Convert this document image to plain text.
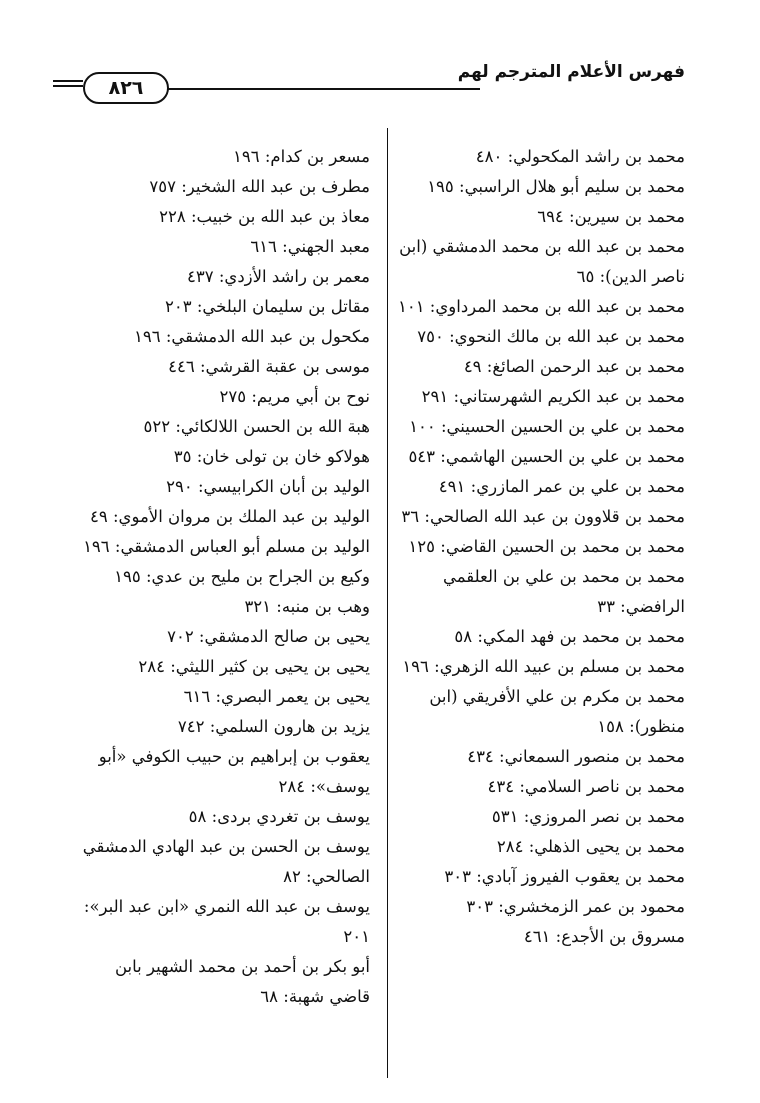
فهرس الأعلام المترجم لهم
٨٢٦
محمد بن راشد المكحولي: ٤٨٠
محمد بن سليم أبو هلال الراسبي: ١٩٥
محمد بن سيرين: ٦٩٤
محمد بن عبد الله بن محمد الدمشقي (ابن ناصر الدين): ٦٥
محمد بن عبد الله بن محمد المرداوي: ١٠١
محمد بن عبد الله بن مالك النحوي: ٧٥٠
محمد بن عبد الرحمن الصائغ: ٤٩
محمد بن عبد الكريم الشهرستاني: ٢٩١
محمد بن علي بن الحسين الحسيني: ١٠٠
محمد بن علي بن الحسين الهاشمي: ٥٤٣
محمد بن علي بن عمر المازري: ٤٩١
محمد بن قلاوون بن عبد الله الصالحي: ٣٦
محمد بن محمد بن الحسين القاضي: ١٢٥
محمد بن محمد بن علي بن العلقمي الرافضي: ٣٣
محمد بن محمد بن فهد المكي: ٥٨
محمد بن مسلم بن عبيد الله الزهري: ١٩٦
محمد بن مكرم بن علي الأفريقي (ابن منظور): ١٥٨
محمد بن منصور السمعاني: ٤٣٤
محمد بن ناصر السلامي: ٤٣٤
محمد بن نصر المروزي: ٥٣١
محمد بن يحيى الذهلي: ٢٨٤
محمد بن يعقوب الفيروز آبادي: ٣٠٣
محمود بن عمر الزمخشري: ٣٠٣
مسروق بن الأجدع: ٤٦١
مسعر بن كدام: ١٩٦
مطرف بن عبد الله الشخير: ٧٥٧
معاذ بن عبد الله بن خبيب: ٢٢٨
معبد الجهني: ٦١٦
معمر بن راشد الأزدي: ٤٣٧
مقاتل بن سليمان البلخي: ٢٠٣
مكحول بن عبد الله الدمشقي: ١٩٦
موسى بن عقبة القرشي: ٤٤٦
نوح بن أبي مريم: ٢٧٥
هبة الله بن الحسن اللالكائي: ٥٢٢
هولاكو خان بن تولى خان: ٣٥
الوليد بن أبان الكرابيسي: ٢٩٠
الوليد بن عبد الملك بن مروان الأموي: ٤٩
الوليد بن مسلم أبو العباس الدمشقي: ١٩٦
وكيع بن الجراح بن مليح بن عدي: ١٩٥
وهب بن منبه: ٣٢١
يحيى بن صالح الدمشقي: ٧٠٢
يحيى بن يحيى بن كثير الليثي: ٢٨٤
يحيى بن يعمر البصري: ٦١٦
يزيد بن هارون السلمي: ٧٤٢
يعقوب بن إبراهيم بن حبيب الكوفي «أبو يوسف»: ٢٨٤
يوسف بن تغردي بردى: ٥٨
يوسف بن الحسن بن عبد الهادي الدمشقي الصالحي: ٨٢
يوسف بن عبد الله النمري «ابن عبد البر»: ٢٠١
أبو بكر بن أحمد بن محمد الشهير بابن قاضي شهبة: ٦٨
